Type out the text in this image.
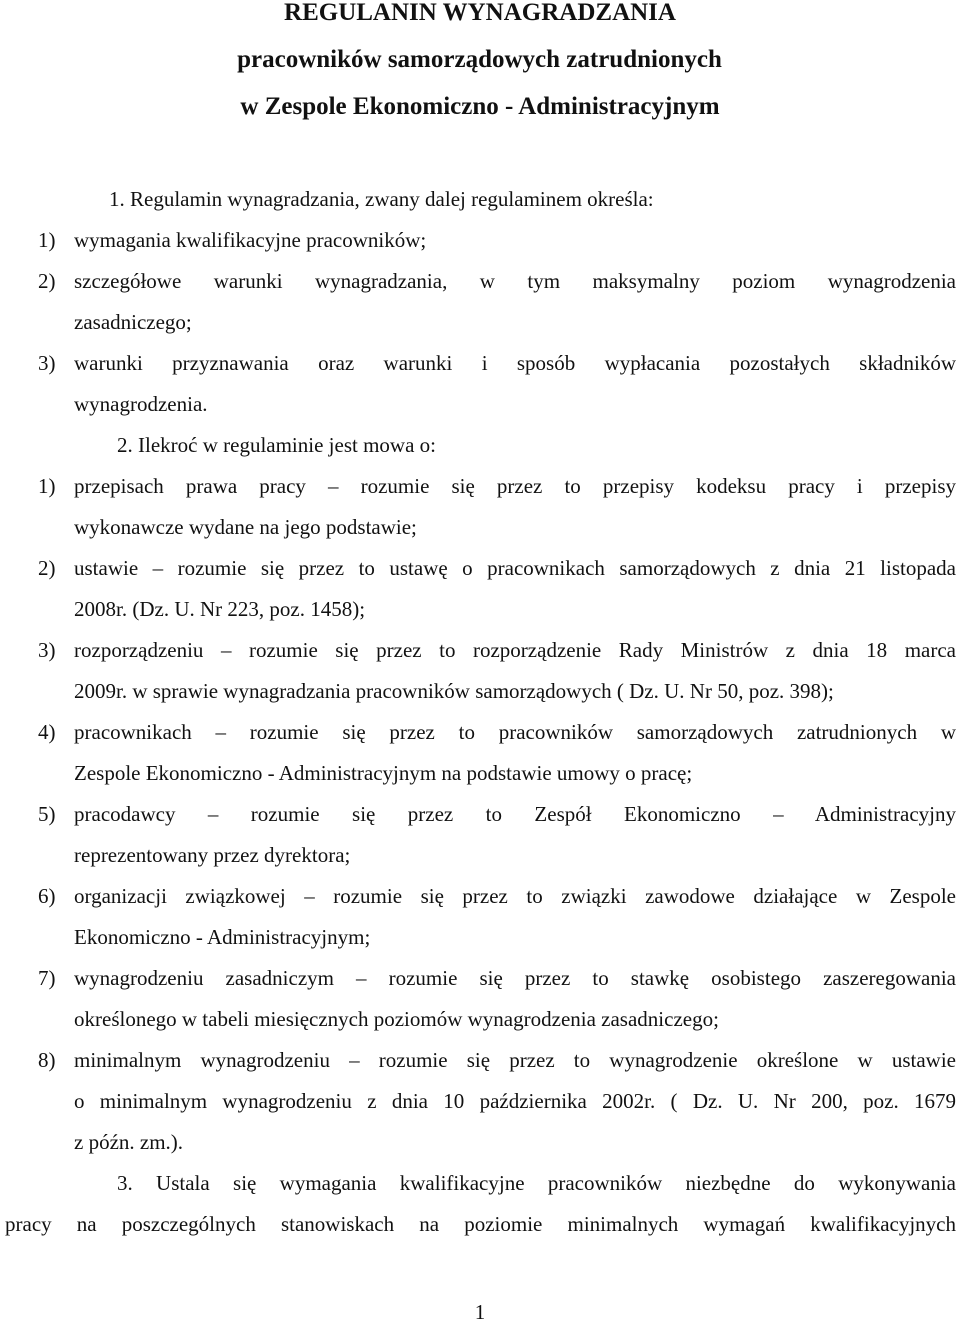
REGULANIN WYNAGRADZANIA
pracowników samorządowych zatrudnionych
w Zespole Ekonomiczno - Administracyjnym

1. Regulamin wynagradzania, zwany dalej regulaminem określa:

1) wymagania kwalifikacyjne pracowników;
2) szczegółowe warunki wynagradzania, w tym maksymalny poziom wynagrodzenia
zasadniczego;
3) warunki przyznawania oraz warunki i sposób wypłacania pozostałych składników
wynagrodzenia.

2. Ilekroć w regulaminie jest mowa o:

1) przepisach prawa pracy – rozumie się przez to przepisy kodeksu pracy i przepisy
wykonawcze wydane na jego podstawie;
2) ustawie – rozumie się przez to ustawę o pracownikach samorządowych z dnia 21 listopada
2008r. (Dz. U. Nr 223, poz. 1458);
3) rozporządzeniu – rozumie się przez to rozporządzenie Rady Ministrów z dnia 18 marca
2009r. w sprawie wynagradzania pracowników samorządowych ( Dz. U. Nr 50, poz. 398);
4) pracownikach – rozumie się przez to pracowników samorządowych zatrudnionych w
Zespole Ekonomiczno - Administracyjnym na podstawie umowy o pracę;
5) pracodawcy – rozumie się przez to Zespół Ekonomiczno – Administracyjny
reprezentowany przez dyrektora;
6) organizacji związkowej – rozumie się przez to związki zawodowe działające w Zespole
Ekonomiczno - Administracyjnym;
7) wynagrodzeniu zasadniczym – rozumie się przez to stawkę osobistego zaszeregowania
określonego w tabeli miesięcznych poziomów wynagrodzenia zasadniczego;
8) minimalnym wynagrodzeniu – rozumie się przez to wynagrodzenie określone w ustawie
o minimalnym wynagrodzeniu z dnia 10 października 2002r. ( Dz. U. Nr 200, poz. 1679
z późn. zm.).
3. Ustala się wymagania kwalifikacyjne pracowników niezbędne do wykonywania
pracy na poszczególnych stanowiskach na poziomie minimalnych wymagań kwalifikacyjnych
1
